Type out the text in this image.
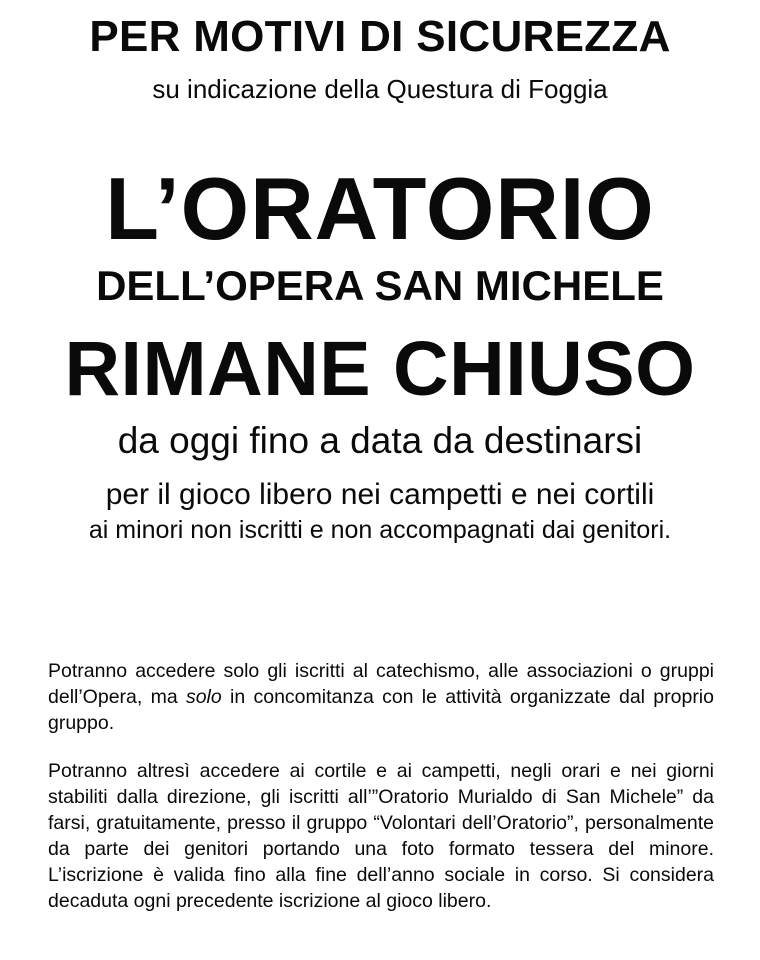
PER MOTIVI DI SICUREZZA
su indicazione della Questura di Foggia
L’ORATORIO
DELL’OPERA SAN MICHELE
RIMANE CHIUSO
da oggi fino a data da destinarsi
per il gioco libero nei campetti e nei cortili
ai minori non iscritti e non accompagnati dai genitori.

Potranno accedere solo gli iscritti al catechismo, alle associazioni o gruppi dell’Opera, ma solo in concomitanza con le attività organizzate dal proprio gruppo.

Potranno altresì accedere ai cortile e ai campetti, negli orari e nei giorni stabiliti dalla direzione, gli iscritti all’”Oratorio Murialdo di San Michele” da farsi, gratuitamente, presso il gruppo “Volontari dell’Oratorio”, personalmente da parte dei genitori portando una foto formato tessera del minore. L’iscrizione è valida fino alla fine dell’anno sociale in corso. Si considera decaduta ogni precedente iscrizione al gioco libero.
